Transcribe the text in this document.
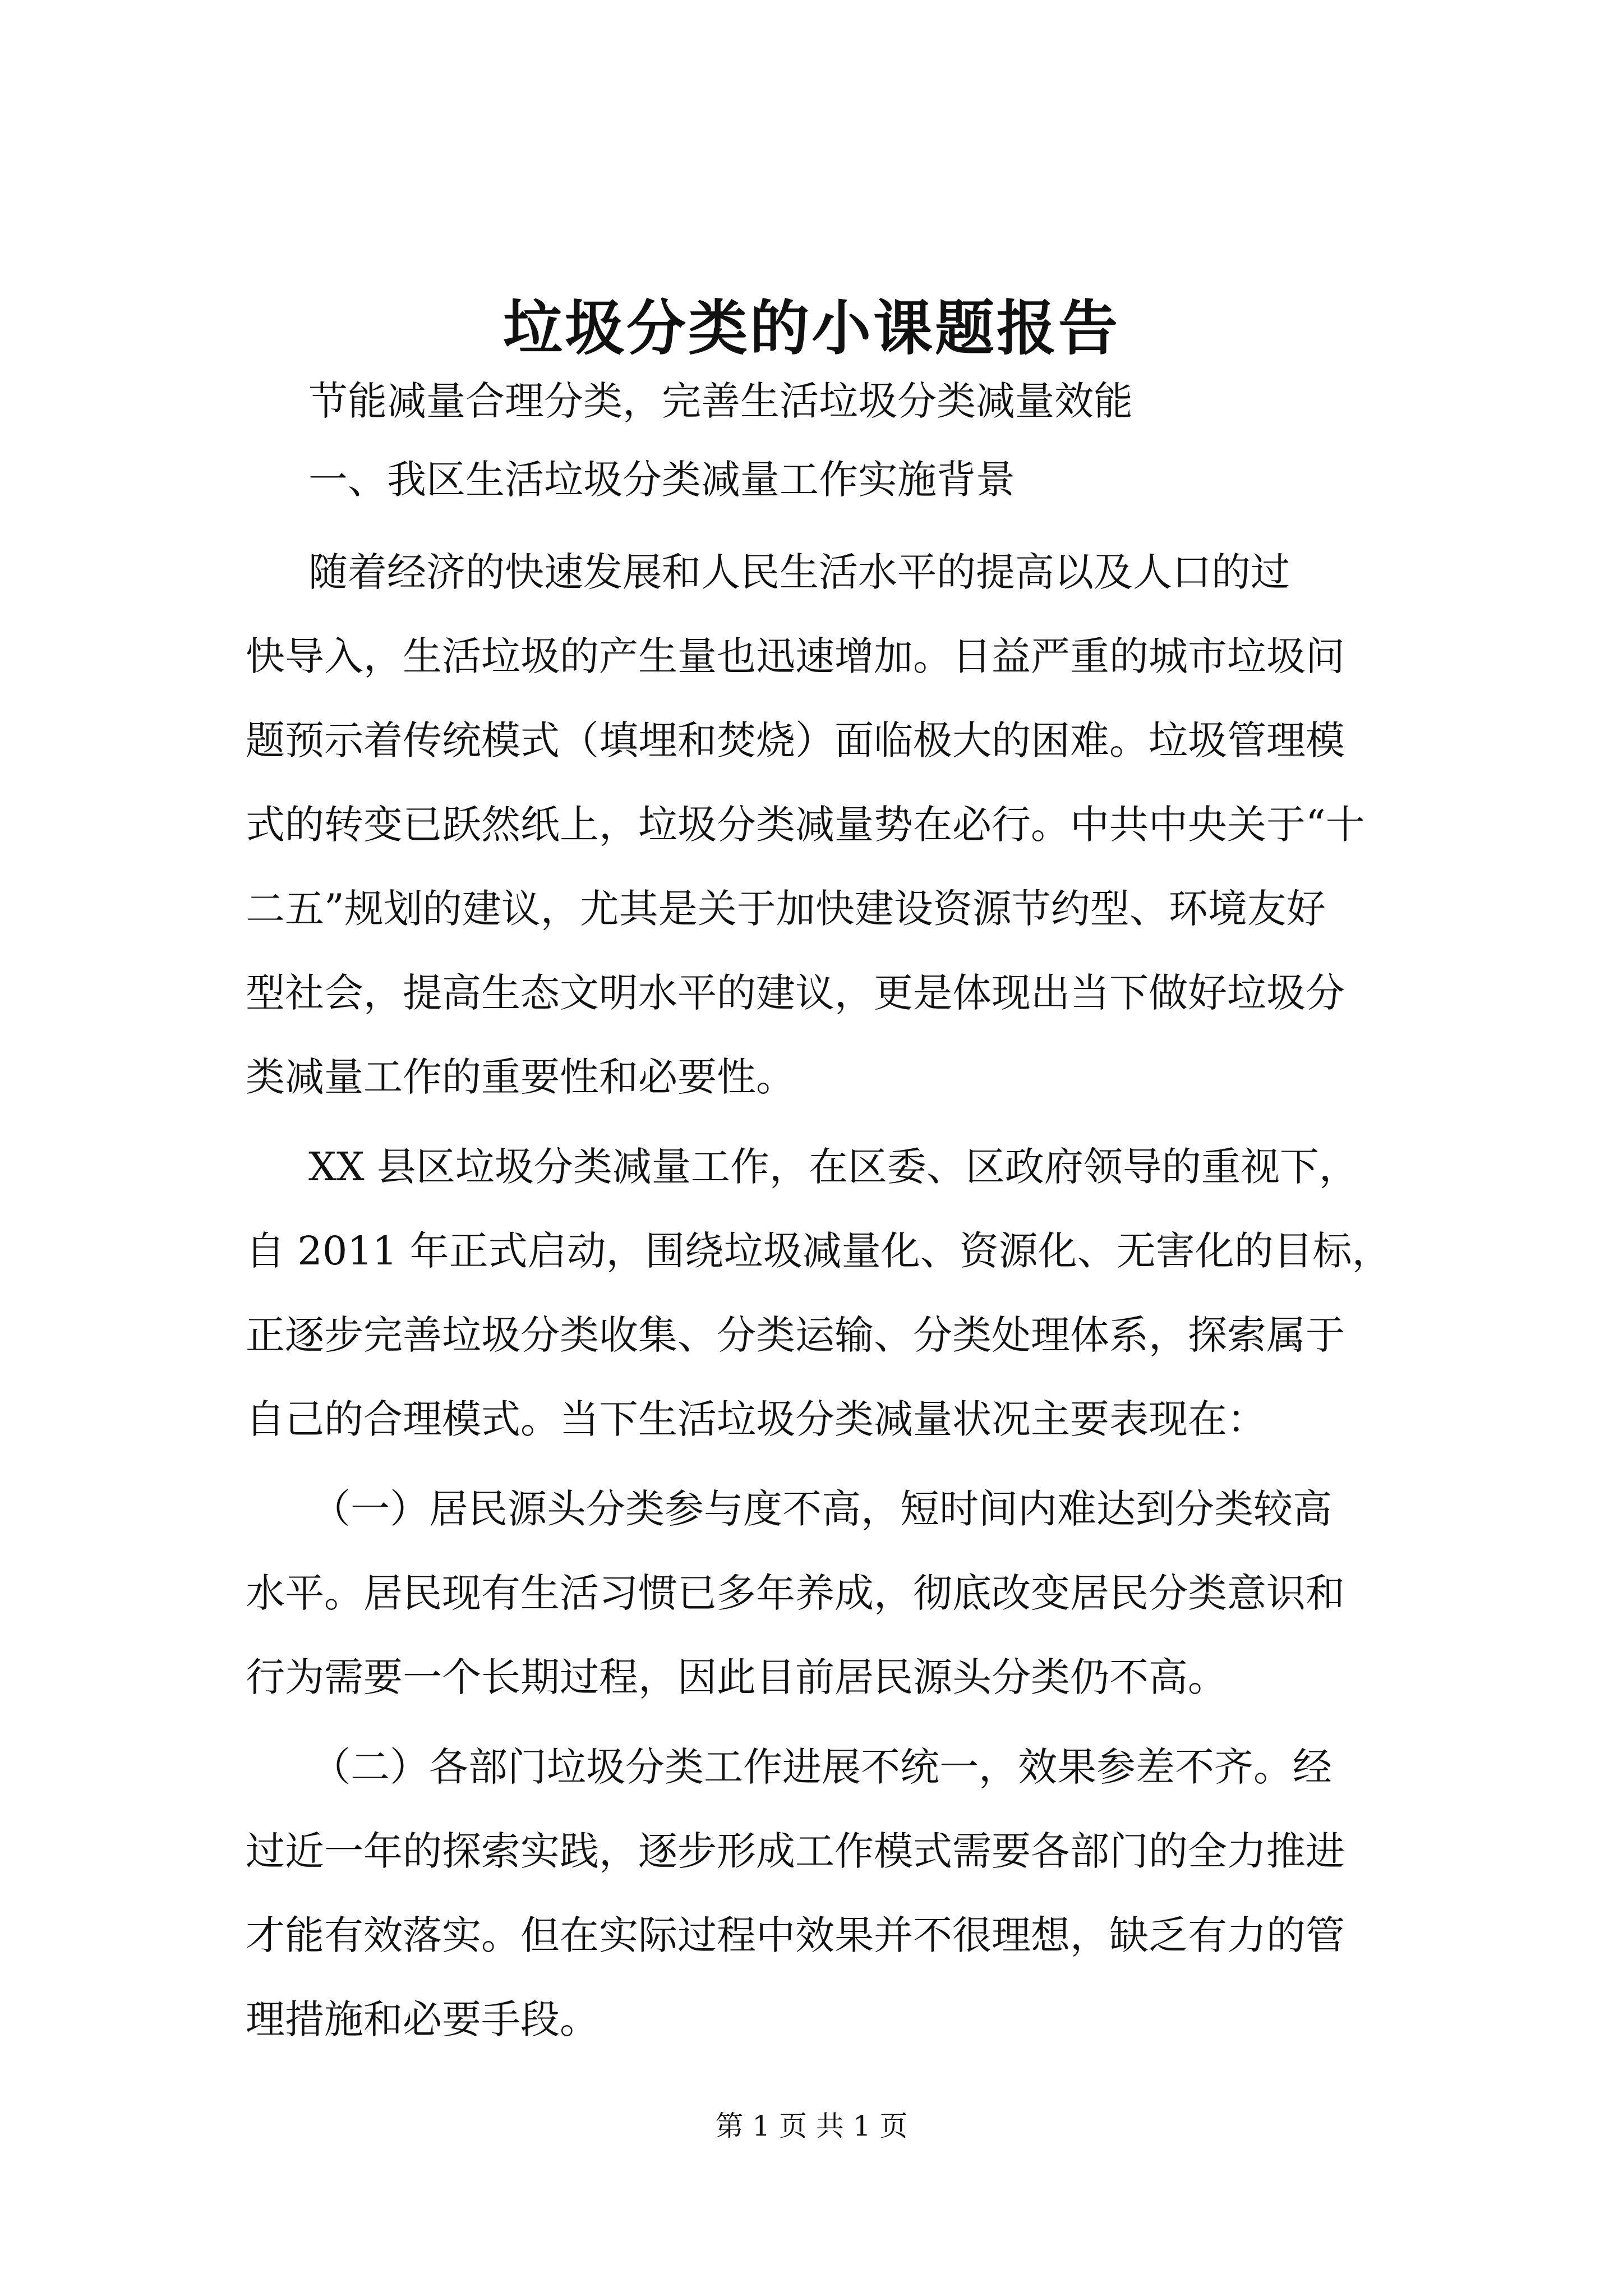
垃圾分类的小课题报告
节能减量合理分类，完善生活垃圾分类减量效能
一、我区生活垃圾分类减量工作实施背景
随着经济的快速发展和人民生活水平的提高以及人口的过
快导入，生活垃圾的产生量也迅速增加。日益严重的城市垃圾问
题预示着传统模式（填埋和焚烧）面临极大的困难。垃圾管理模
式的转变已跃然纸上，垃圾分类减量势在必行。中共中央关于“十
二五”规划的建议，尤其是关于加快建设资源节约型、环境友好
型社会，提高生态文明水平的建议，更是体现出当下做好垃圾分
类减量工作的重要性和必要性。
XX 县区垃圾分类减量工作，在区委、区政府领导的重视下，
自 2011 年正式启动，围绕垃圾减量化、资源化、无害化的目标，
正逐步完善垃圾分类收集、分类运输、分类处理体系，探索属于
自己的合理模式。当下生活垃圾分类减量状况主要表现在：
（一）居民源头分类参与度不高，短时间内难达到分类较高
水平。居民现有生活习惯已多年养成，彻底改变居民分类意识和
行为需要一个长期过程，因此目前居民源头分类仍不高。
（二）各部门垃圾分类工作进展不统一，效果参差不齐。经
过近一年的探索实践，逐步形成工作模式需要各部门的全力推进
才能有效落实。但在实际过程中效果并不很理想，缺乏有力的管
理措施和必要手段。
第 1 页 共 1 页
